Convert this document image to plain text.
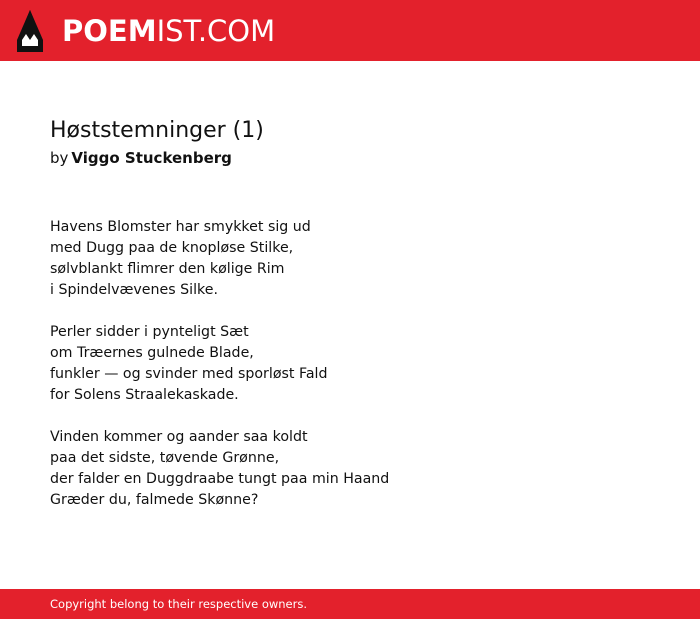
POEMIST.COM
Høststemninger (1)

by Viggo Stuckenberg

Havens Blomster har smykket sig ud
med Dugg paa de knopløse Stilke,
sølvblankt flimrer den kølige Rim
i Spindelvævenes Silke.

Perler sidder i pynteligt Sæt
om Træernes gulnede Blade,
funkler — og svinder med sporløst Fald
for Solens Straalekaskade.

Vinden kommer og aander saa koldt
paa det sidste, tøvende Grønne,
der falder en Duggdraabe tungt paa min Haand
Græder du, falmede Skønne?

Copyright belong to their respective owners.
